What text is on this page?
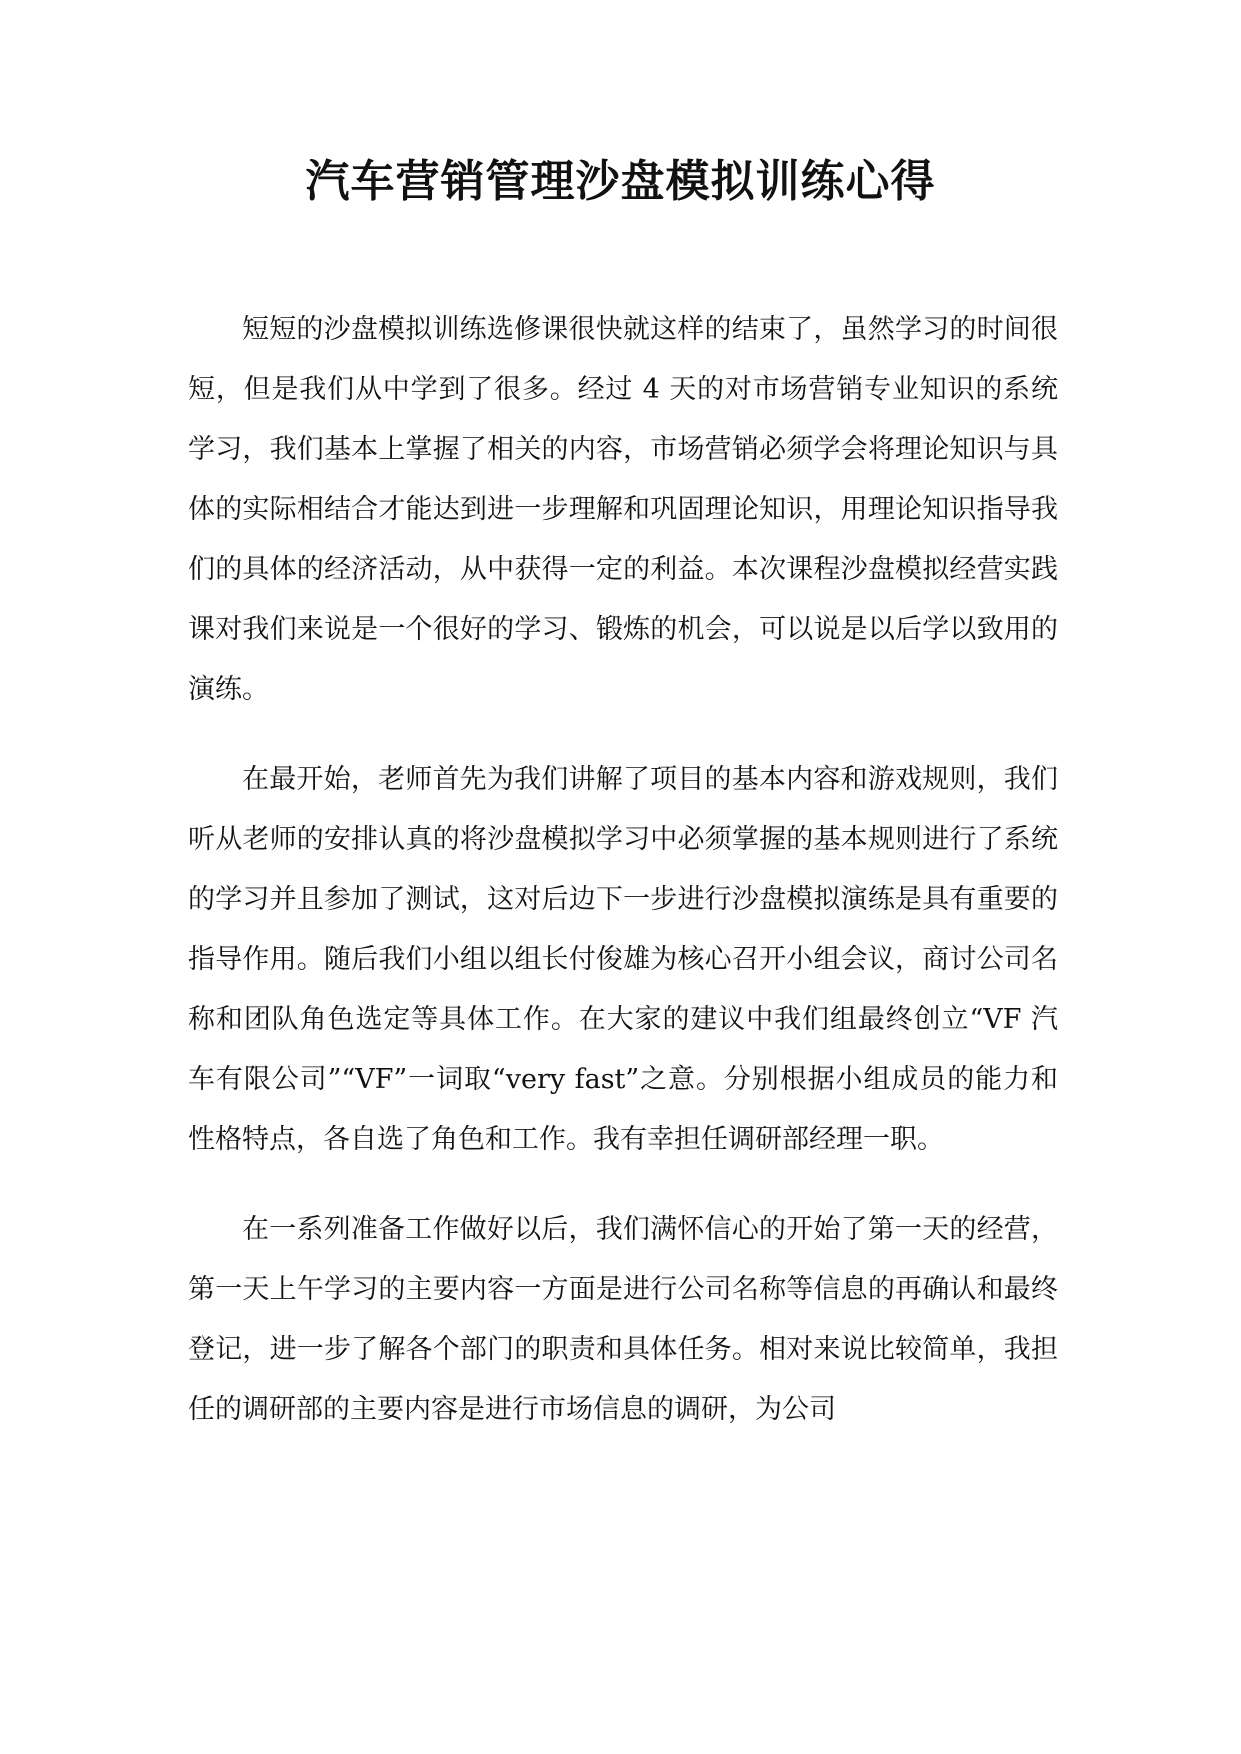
汽车营销管理沙盘模拟训练心得

短短的沙盘模拟训练选修课很快就这样的结束了，虽然学习的时间很短，但是我们从中学到了很多。经过 4 天的对市场营销专业知识的系统学习，我们基本上掌握了相关的内容，市场营销必须学会将理论知识与具体的实际相结合才能达到进一步理解和巩固理论知识，用理论知识指导我们的具体的经济活动，从中获得一定的利益。本次课程沙盘模拟经营实践课对我们来说是一个很好的学习、锻炼的机会，可以说是以后学以致用的演练。

在最开始，老师首先为我们讲解了项目的基本内容和游戏规则，我们听从老师的安排认真的将沙盘模拟学习中必须掌握的基本规则进行了系统的学习并且参加了测试，这对后边下一步进行沙盘模拟演练是具有重要的指导作用。随后我们小组以组长付俊雄为核心召开小组会议，商讨公司名称和团队角色选定等具体工作。在大家的建议中我们组最终创立“VF 汽车有限公司”“VF”一词取“very fast”之意。分别根据小组成员的能力和性格特点，各自选了角色和工作。我有幸担任调研部经理一职。

在一系列准备工作做好以后，我们满怀信心的开始了第一天的经营，第一天上午学习的主要内容一方面是进行公司名称等信息的再确认和最终登记，进一步了解各个部门的职责和具体任务。相对来说比较简单，我担任的调研部的主要内容是进行市场信息的调研，为公司
